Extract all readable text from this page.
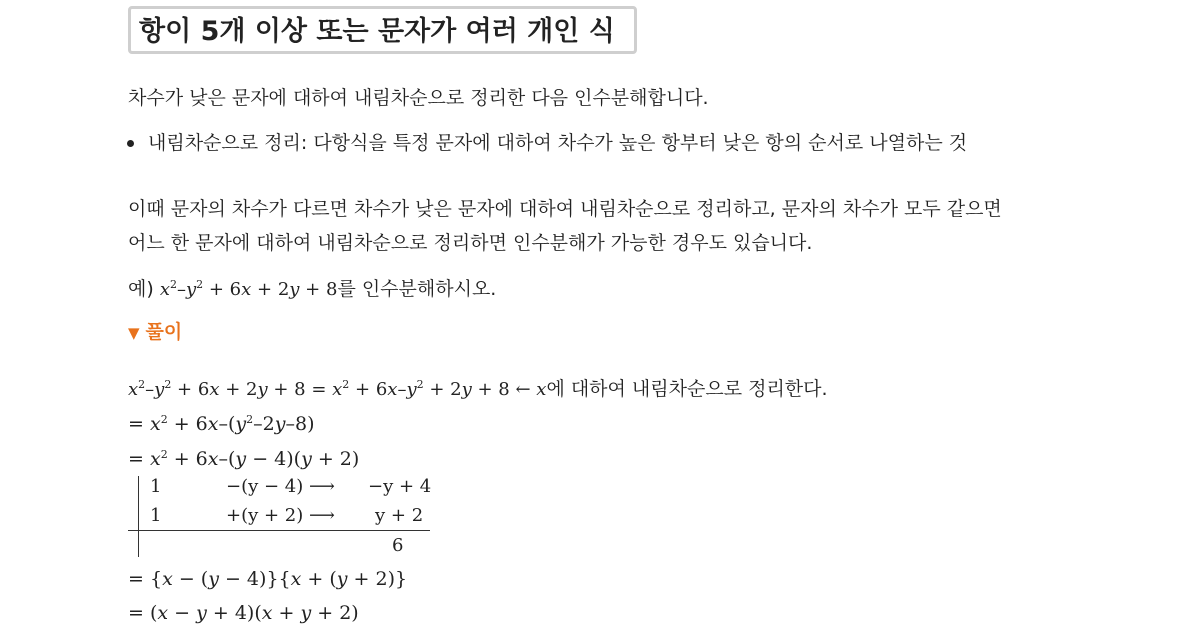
항이 5개 이상 또는 문자가 여러 개인 식
차수가 낮은 문자에 대하여 내림차순으로 정리한 다음 인수분해합니다.
내림차순으로 정리: 다항식을 특정 문자에 대하여 차수가 높은 항부터 낮은 항의 순서로 나열하는 것
이때 문자의 차수가 다르면 차수가 낮은 문자에 대하여 내림차순으로 정리하고, 문자의 차수가 모두 같으면
어느 한 문자에 대하여 내림차순으로 정리하면 인수분해가 가능한 경우도 있습니다.
예) $x^2-y^2 + 6x + 2y + 8$를 인수분해하시오.
▼ 풀이
$x^2-y^2 + 6x + 2y + 8 = x^2 + 6x-y^2 + 2y + 8$ ← x에 대하여 내림차순으로 정리한다.
= $x^2 + 6x-(y^2-2y-8)$
= $x^2 + 6x-(y - 4)(y + 2)$
1	−(y − 4) ⟶ −y + 4
1	+(y + 2) ⟶ y + 2
6
= {x − (y − 4)}{x + (y + 2)}
= (x − y + 4)(x + y + 2)
